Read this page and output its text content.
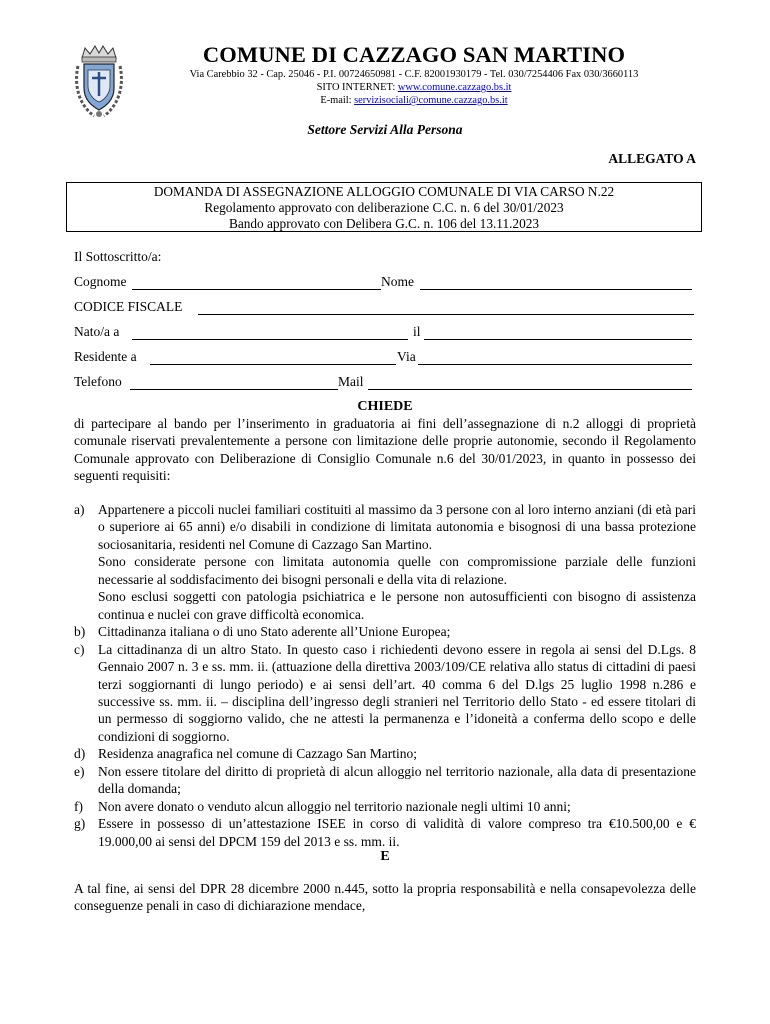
COMUNE DI CAZZAGO SAN MARTINO
Via Carebbio 32 - Cap. 25046 - P.I. 00724650981 - C.F. 82001930179 - Tel. 030/7254406 Fax 030/3660113
SITO INTERNET: www.comune.cazzago.bs.it
E-mail: servizisociali@comune.cazzago.bs.it
Settore Servizi Alla Persona
ALLEGATO A
DOMANDA DI ASSEGNAZIONE ALLOGGIO COMUNALE DI VIA CARSO N.22
Regolamento approvato con deliberazione C.C. n. 6 del 30/01/2023
Bando approvato con Delibera G.C. n. 106 del 13.11.2023
Il Sottoscritto/a:
Cognome	Nome
CODICE FISCALE
Nato/a a	il
Residente a	Via
Telefono	Mail
CHIEDE
di partecipare al bando per l’inserimento in graduatoria ai fini dell’assegnazione di n.2 alloggi di proprietà comunale riservati prevalentemente a persone con limitazione delle proprie autonomie, secondo il Regolamento Comunale approvato con Deliberazione di Consiglio Comunale n.6 del 30/01/2023, in quanto in possesso dei seguenti requisiti:
a) Appartenere a piccoli nuclei familiari costituiti al massimo da 3 persone con al loro interno anziani (di età pari o superiore ai 65 anni) e/o disabili in condizione di limitata autonomia e bisognosi di una bassa protezione sociosanitaria, residenti nel Comune di Cazzago San Martino.

Sono considerate persone con limitata autonomia quelle con compromissione parziale delle funzioni necessarie al soddisfacimento dei bisogni personali e della vita di relazione.

Sono esclusi soggetti con patologia psichiatrica e le persone non autosufficienti con bisogno di assistenza continua e nuclei con grave difficoltà economica.

b) Cittadinanza italiana o di uno Stato aderente all’Unione Europea;

c) La cittadinanza di un altro Stato. In questo caso i richiedenti devono essere in regola ai sensi del D.Lgs. 8 Gennaio 2007 n. 3 e ss. mm. ii. (attuazione della direttiva 2003/109/CE relativa allo status di cittadini di paesi terzi soggiornanti di lungo periodo) e ai sensi dell’art. 40 comma 6 del D.lgs 25 luglio 1998 n.286 e successive ss. mm. ii. – disciplina dell’ingresso degli stranieri nel Territorio dello Stato - ed essere titolari di un permesso di soggiorno valido, che ne attesti la permanenza e l’idoneità a conferma dello scopo e delle condizioni di soggiorno.

d) Residenza anagrafica nel comune di Cazzago San Martino;

e) Non essere titolare del diritto di proprietà di alcun alloggio nel territorio nazionale, alla data di presentazione della domanda;

f) Non avere donato o venduto alcun alloggio nel territorio nazionale negli ultimi 10 anni;

g) Essere in possesso di un’attestazione ISEE in corso di validità di valore compreso tra €10.500,00 e € 19.000,00 ai sensi del DPCM 159 del 2013 e ss. mm. ii.

E
A tal fine, ai sensi del DPR 28 dicembre 2000 n.445, sotto la propria responsabilità e nella consapevolezza delle conseguenze penali in caso di dichiarazione mendace,
